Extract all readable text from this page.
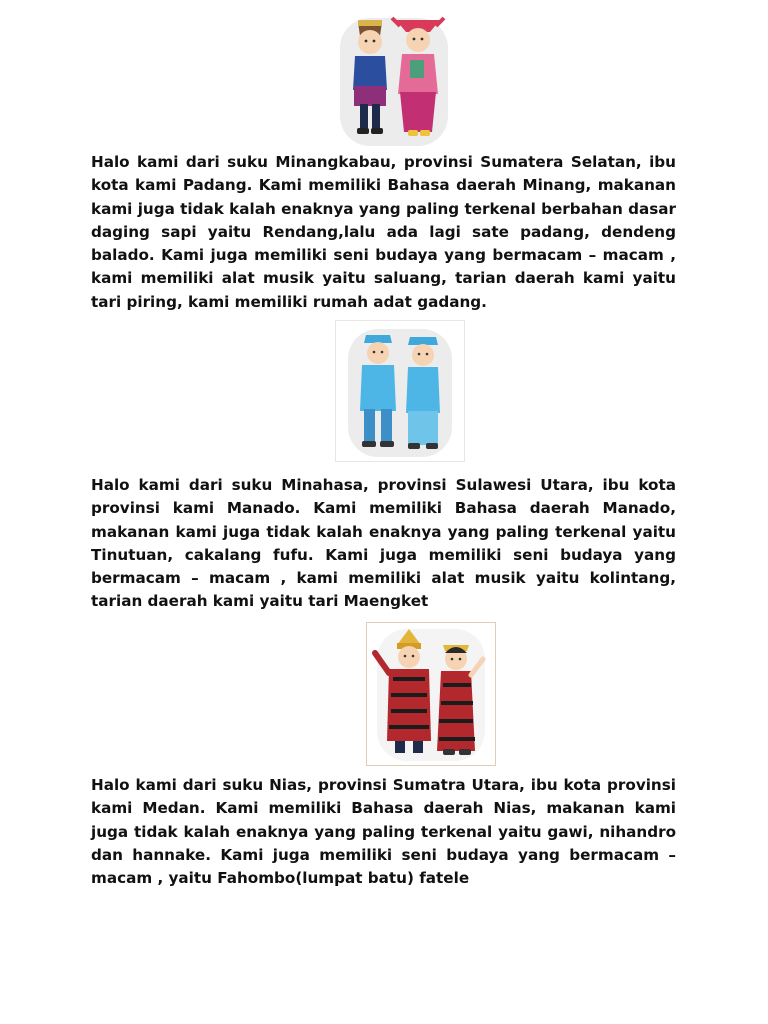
Halo kami dari suku Minangkabau, provinsi Sumatera Selatan, ibu kota kami Padang. Kami memiliki Bahasa daerah Minang, makanan kami juga tidak kalah enaknya yang paling terkenal berbahan dasar daging sapi yaitu Rendang,lalu ada lagi sate padang, dendeng balado. Kami juga memiliki seni budaya yang bermacam – macam , kami memiliki alat musik yaitu saluang, tarian daerah kami yaitu tari piring, kami memiliki rumah adat gadang.

Halo kami dari suku Minahasa, provinsi Sulawesi Utara, ibu kota provinsi kami Manado. Kami memiliki Bahasa daerah Manado, makanan kami juga tidak kalah enaknya yang paling terkenal yaitu Tinutuan, cakalang fufu. Kami juga memiliki seni budaya yang bermacam – macam , kami memiliki alat musik yaitu kolintang, tarian daerah kami yaitu tari Maengket

Halo kami dari suku Nias, provinsi Sumatra Utara, ibu kota provinsi kami Medan. Kami memiliki Bahasa daerah Nias, makanan kami juga tidak kalah enaknya yang paling terkenal yaitu gawi, nihandro dan hannake. Kami juga memiliki seni budaya yang bermacam – macam , yaitu Fahombo(lumpat batu) fatele
